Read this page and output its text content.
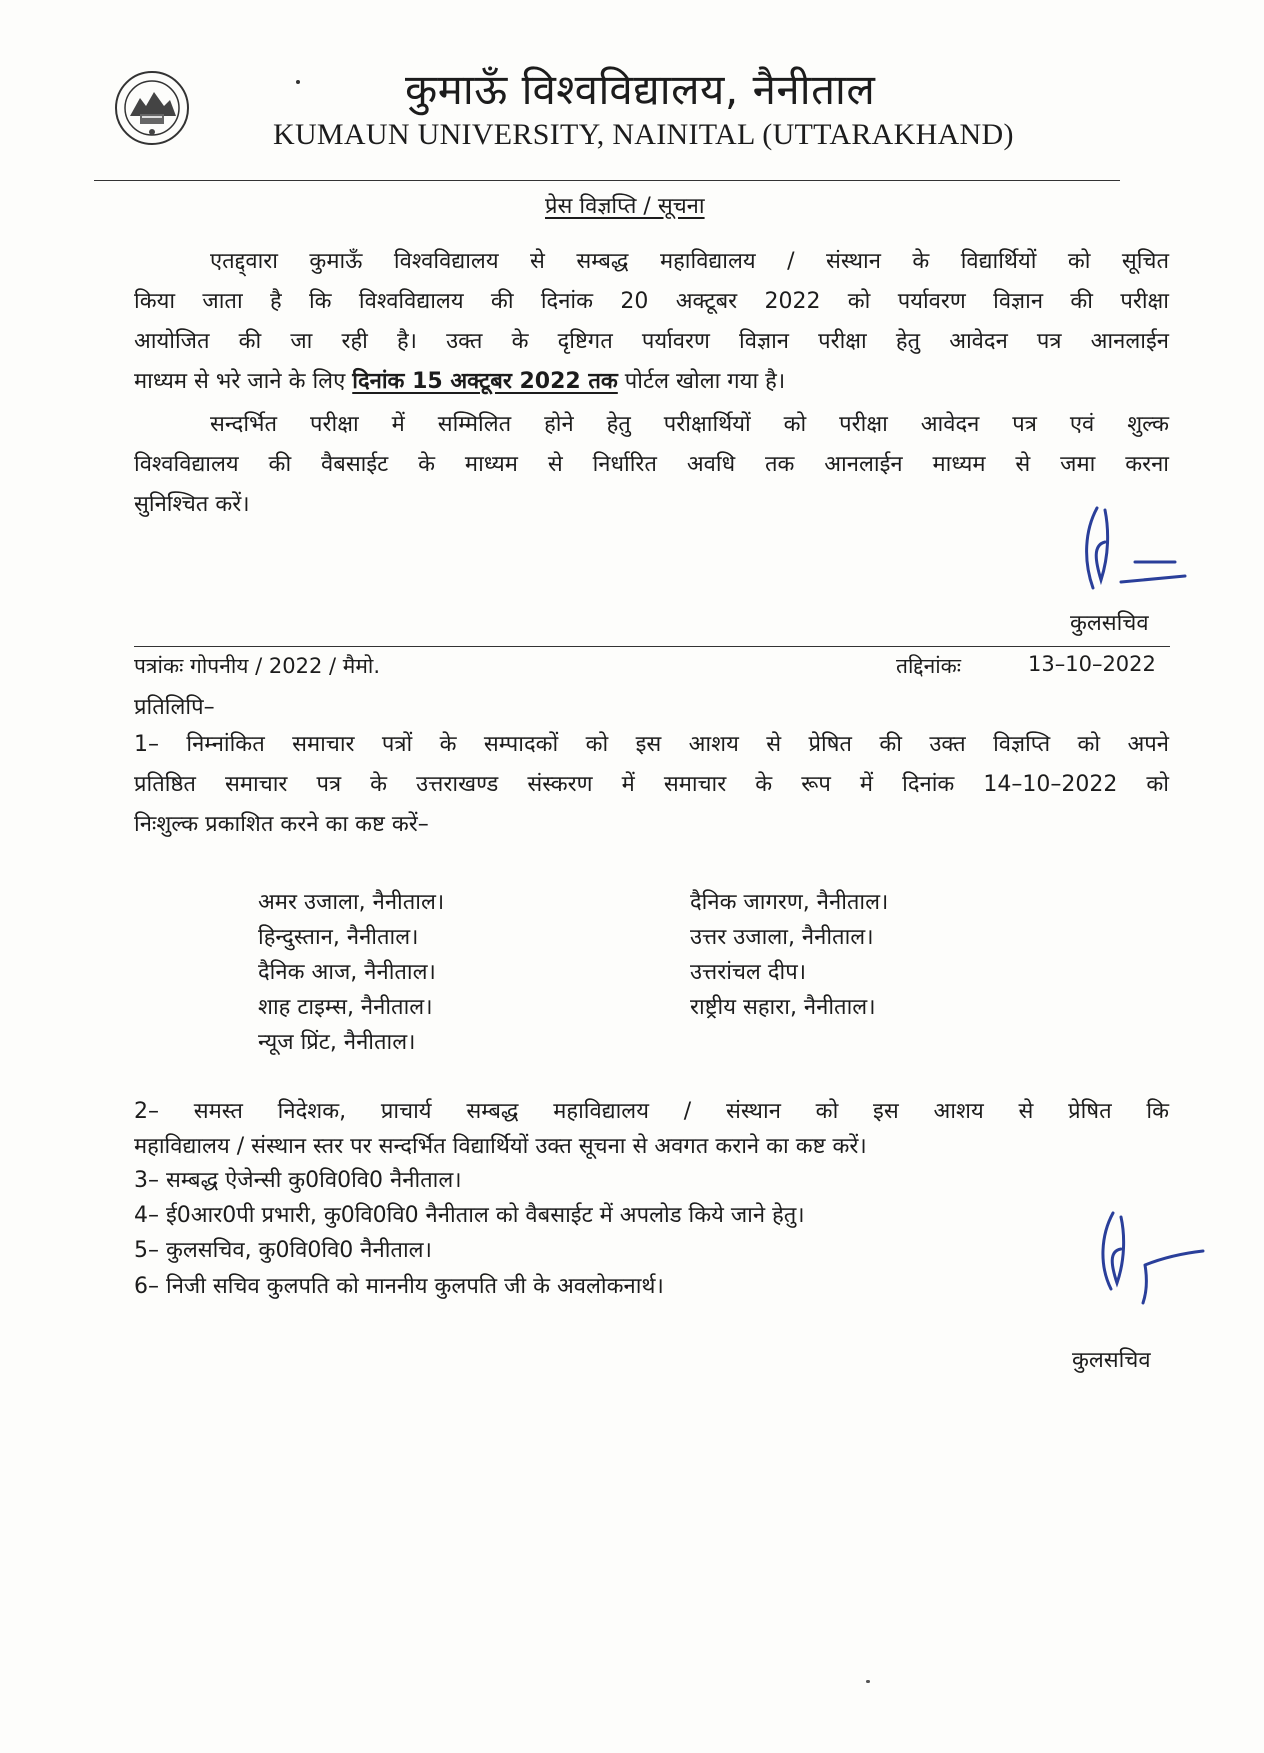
कुमाऊँ विश्वविद्यालय, नैनीताल
KUMAUN UNIVERSITY, NAINITAL (UTTARAKHAND)
प्रेस विज्ञप्ति / सूचना
एतद्द्वारा कुमाऊँ विश्वविद्यालय से सम्बद्ध महाविद्यालय / संस्थान के विद्यार्थियों को सूचित
किया जाता है कि विश्वविद्यालय की दिनांक 20 अक्टूबर 2022 को पर्यावरण विज्ञान की परीक्षा
आयोजित की जा रही है। उक्त के दृष्टिगत पर्यावरण विज्ञान परीक्षा हेतु आवेदन पत्र आनलाईन
माध्यम से भरे जाने के लिए दिनांक 15 अक्टूबर 2022 तक पोर्टल खोला गया है।
सन्दर्भित परीक्षा में सम्मिलित होने हेतु परीक्षार्थियों को परीक्षा आवेदन पत्र एवं शुल्क
विश्वविद्यालय की वैबसाईट के माध्यम से निर्धारित अवधि तक आनलाईन माध्यम से जमा करना
सुनिश्चित करें।
कुलसचिव
पत्रांकः गोपनीय / 2022 / मैमो.	तद्दिनांकः	13–10–2022
प्रतिलिपि–
1– निम्नांकित समाचार पत्रों के सम्पादकों को इस आशय से प्रेषित की उक्त विज्ञप्ति को अपने
प्रतिष्ठित समाचार पत्र के उत्तराखण्ड संस्करण में समाचार के रूप में दिनांक 14–10–2022 को
निःशुल्क प्रकाशित करने का कष्ट करें–
अमर उजाला, नैनीताल।
हिन्दुस्तान, नैनीताल।
दैनिक आज, नैनीताल।
शाह टाइम्स, नैनीताल।
न्यूज प्रिंट, नैनीताल।
दैनिक जागरण, नैनीताल।
उत्तर उजाला, नैनीताल।
उत्तरांचल दीप।
राष्ट्रीय सहारा, नैनीताल।
2– समस्त निदेशक, प्राचार्य सम्बद्ध महाविद्यालय / संस्थान को इस आशय से प्रेषित कि
महाविद्यालय / संस्थान स्तर पर सन्दर्भित विद्यार्थियों उक्त सूचना से अवगत कराने का कष्ट करें।
3– सम्बद्ध ऐजेन्सी कु0वि0वि0 नैनीताल।
4– ई0आर0पी प्रभारी, कु0वि0वि0 नैनीताल को वैबसाईट में अपलोड किये जाने हेतु।
5– कुलसचिव, कु0वि0वि0 नैनीताल।
6– निजी सचिव कुलपति को माननीय कुलपति जी के अवलोकनार्थ।
कुलसचिव
